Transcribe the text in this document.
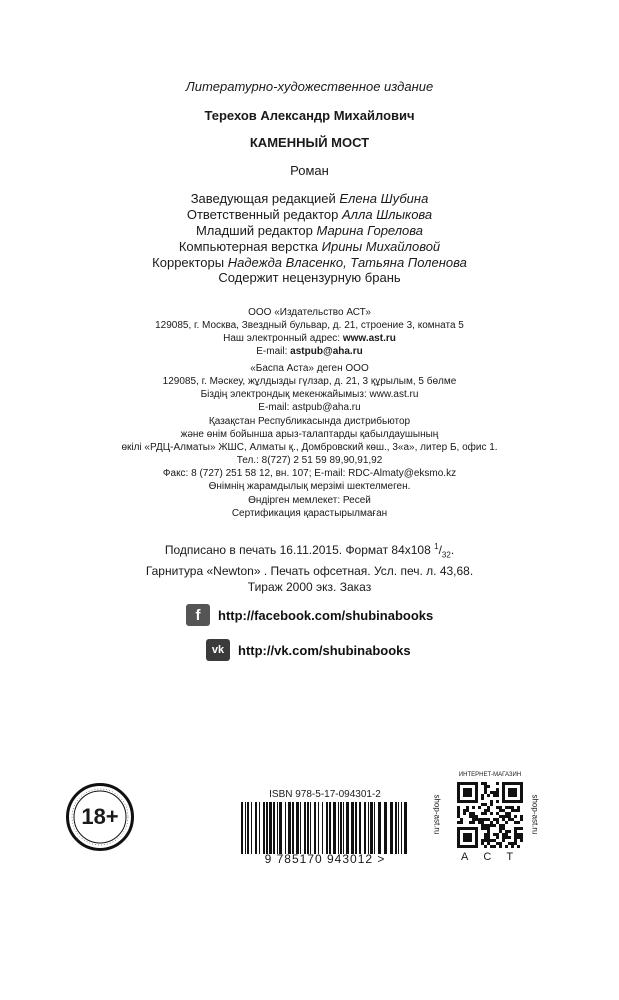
Литературно-художественное издание
Терехов Александр Михайлович
КАМЕННЫЙ МОСТ
Роман
Заведующая редакцией Елена Шубина
Ответственный редактор Алла Шлыкова
Младший редактор Марина Горелова
Компьютерная верстка Ирины Михайловой
Корректоры Надежда Власенко, Татьяна Поленова
Содержит нецензурную брань
ООО «Издательство АСТ»
129085, г. Москва, Звездный бульвар, д. 21, строение 3, комната 5
Наш электронный адрес: www.ast.ru
E-mail: astpub@aha.ru
«Баспа Аста» деген ООО
129085, г. Мәскеу, жұлдызды гүлзар, д. 21, 3 құрылым, 5 бөлме
Біздің электрондық мекенжайымыз: www.ast.ru
E-mail: astpub@aha.ru
Қазақстан Республикасында дистрибьютор
және өнім бойынша арыз-талаптарды қабылдаушының
өкілі «РДЦ-Алматы» ЖШС, Алматы қ., Домбровский көш., 3«а», литер Б, офис 1.
Тел.: 8(727) 2 51 59 89,90,91,92
Факс: 8 (727) 251 58 12, вн. 107; E-mail: RDC-Almaty@eksmo.kz
Өнімнің жарамдылық мерзімі шектелмеген.
Өндірген мемлекет: Ресей
Сертификация қарастырылмаған
Подписано в печать 16.11.2015. Формат 84x108 $^1/_{32}$.
Гарнитура «Newton» . Печать офсетная. Усл. печ. л. 43,68.
Тираж 2000 экз. Заказ
f	http://facebook.com/shubinabooks
vk	http://vk.com/shubinabooks
18+
ISBN 978-5-17-094301-2
9 785170 943012 >
ИНТЕРНЕТ-МАГАЗИН
shop-ast.ru	shop-ast.ru
А С Т
